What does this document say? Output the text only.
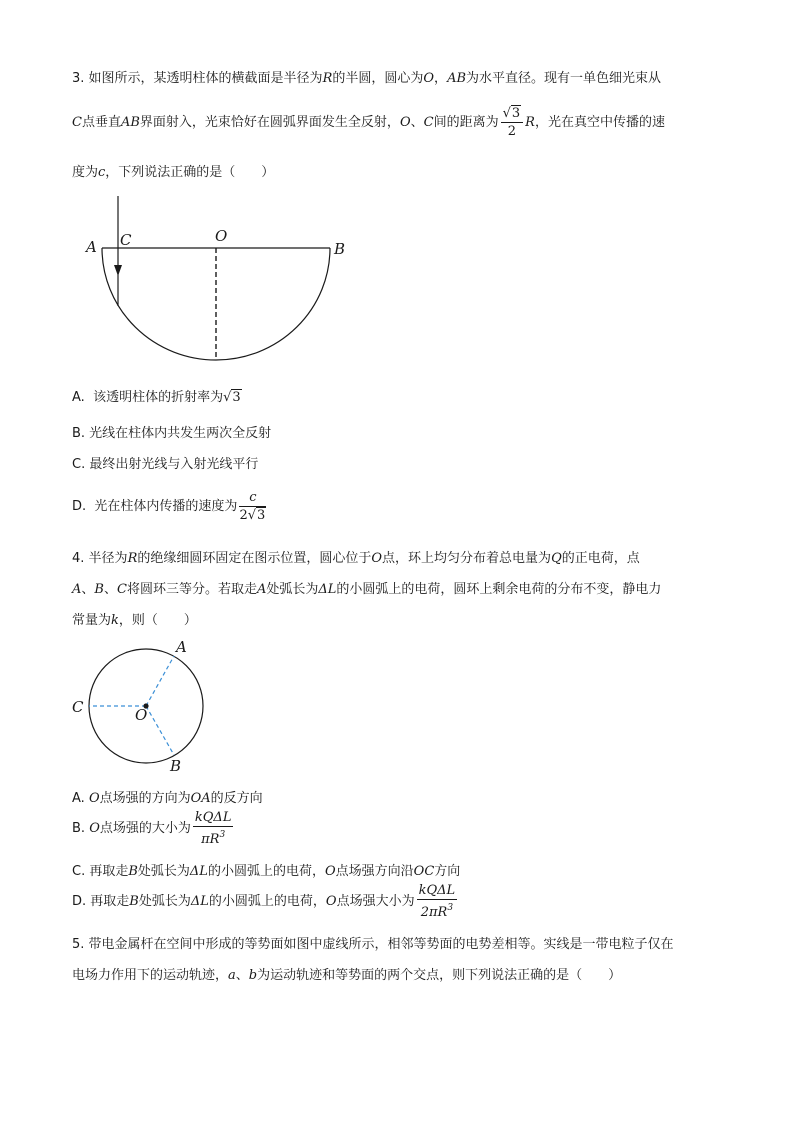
3. 如图所示，某透明柱体的横截面是半径为R的半圆，圆心为O，AB为水平直径。现有一单色细光束从
C点垂直AB界面射入，光束恰好在圆弧界面发生全反射，O、C间的距离为 $\frac{√3}{2}$ R，光在真空中传播的速
度为c，下列说法正确的是（　　）
A C	O
B
A. 该透明柱体的折射率为√3
B. 光线在柱体内共发生两次全反射
C. 最终出射光线与入射光线平行
D. 光在柱体内传播的速度为 $\frac{c}{2√3}$
4. 半径为R的绝缘细圆环固定在图示位置，圆心位于O点，环上均匀分布着总电量为Q的正电荷，点
A、B、C将圆环三等分。若取走A处弧长为ΔL的小圆弧上的电荷，圆环上剩余电荷的分布不变，静电力
常量为k，则（　　）
A
C	O
B
A. O点场强的方向为OA的反方向
B. O点场强的大小为 $\frac{\text{kQΔL}}{\pi R^3}$
C. 再取走B处弧长为ΔL的小圆弧上的电荷，O点场强方向沿OC方向
D. 再取走B处弧长为ΔL的小圆弧上的电荷，O点场强大小为 $\frac{\text{kQΔL}}{2\pi R^3}$
5. 带电金属杆在空间中形成的等势面如图中虚线所示，相邻等势面的电势差相等。实线是一带电粒子仅在
电场力作用下的运动轨迹，a、b为运动轨迹和等势面的两个交点，则下列说法正确的是（　　）
